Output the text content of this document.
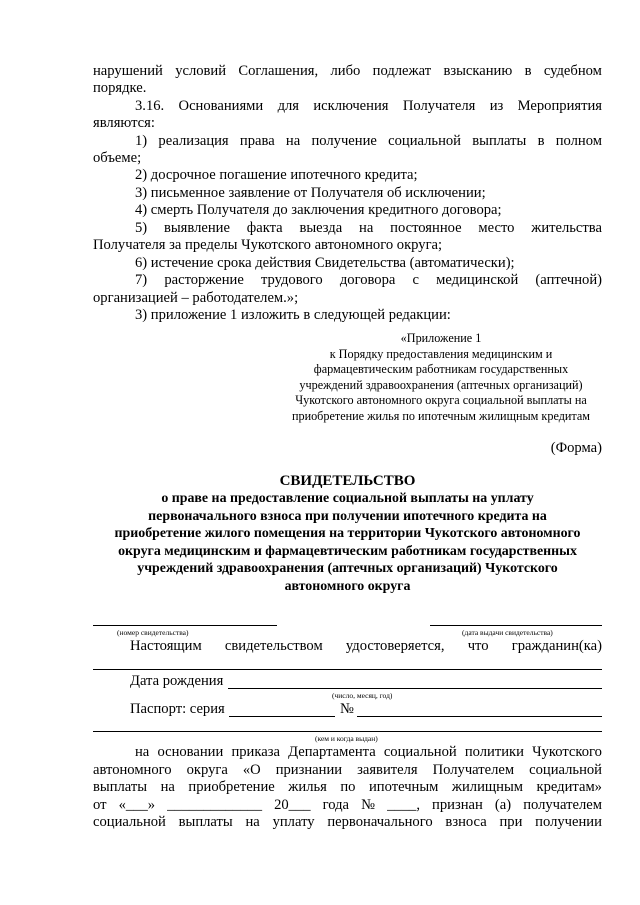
нарушений условий Соглашения, либо подлежат взысканию в судебном
порядке.
3.16. Основаниями для исключения Получателя из Мероприятия
являются:
1) реализация права на получение социальной выплаты в полном
объеме;
2) досрочное погашение ипотечного кредита;
3) письменное заявление от Получателя об исключении;
4) смерть Получателя до заключения кредитного договора;
5) выявление факта выезда на постоянное место жительства
Получателя за пределы Чукотского автономного округа;
6) истечение срока действия Свидетельства (автоматически);
7) расторжение трудового договора с медицинской (аптечной)
организацией – работодателем.»;
3) приложение 1 изложить в следующей редакции:
«Приложение 1
к Порядку предоставления медицинским и
фармацевтическим работникам государственных
учреждений здравоохранения (аптечных организаций)
Чукотского автономного округа социальной выплаты на
приобретение жилья по ипотечным жилищным кредитам
(Форма)
СВИДЕТЕЛЬСТВО
о праве на предоставление социальной выплаты на уплату
первоначального взноса при получении ипотечного кредита на
приобретение жилого помещения на территории Чукотского автономного
округа медицинским и фармацевтическим работникам государственных
учреждений здравоохранения (аптечных организаций) Чукотского
автономного округа
(номер свидетельства)	(дата выдачи свидетельства)
Настоящим свидетельством удостоверяется, что гражданин(ка)
Дата рождения
(число, месяц, год)
Паспорт: серия	№
(кем и когда выдан)
на основании приказа Департамента социальной политики Чукотского
автономного округа «О признании заявителя Получателем социальной
выплаты на приобретение жилья по ипотечным жилищным кредитам»
от «___» _____________ 20___ года № ____, признан (а) получателем
социальной выплаты на уплату первоначального взноса при получении
